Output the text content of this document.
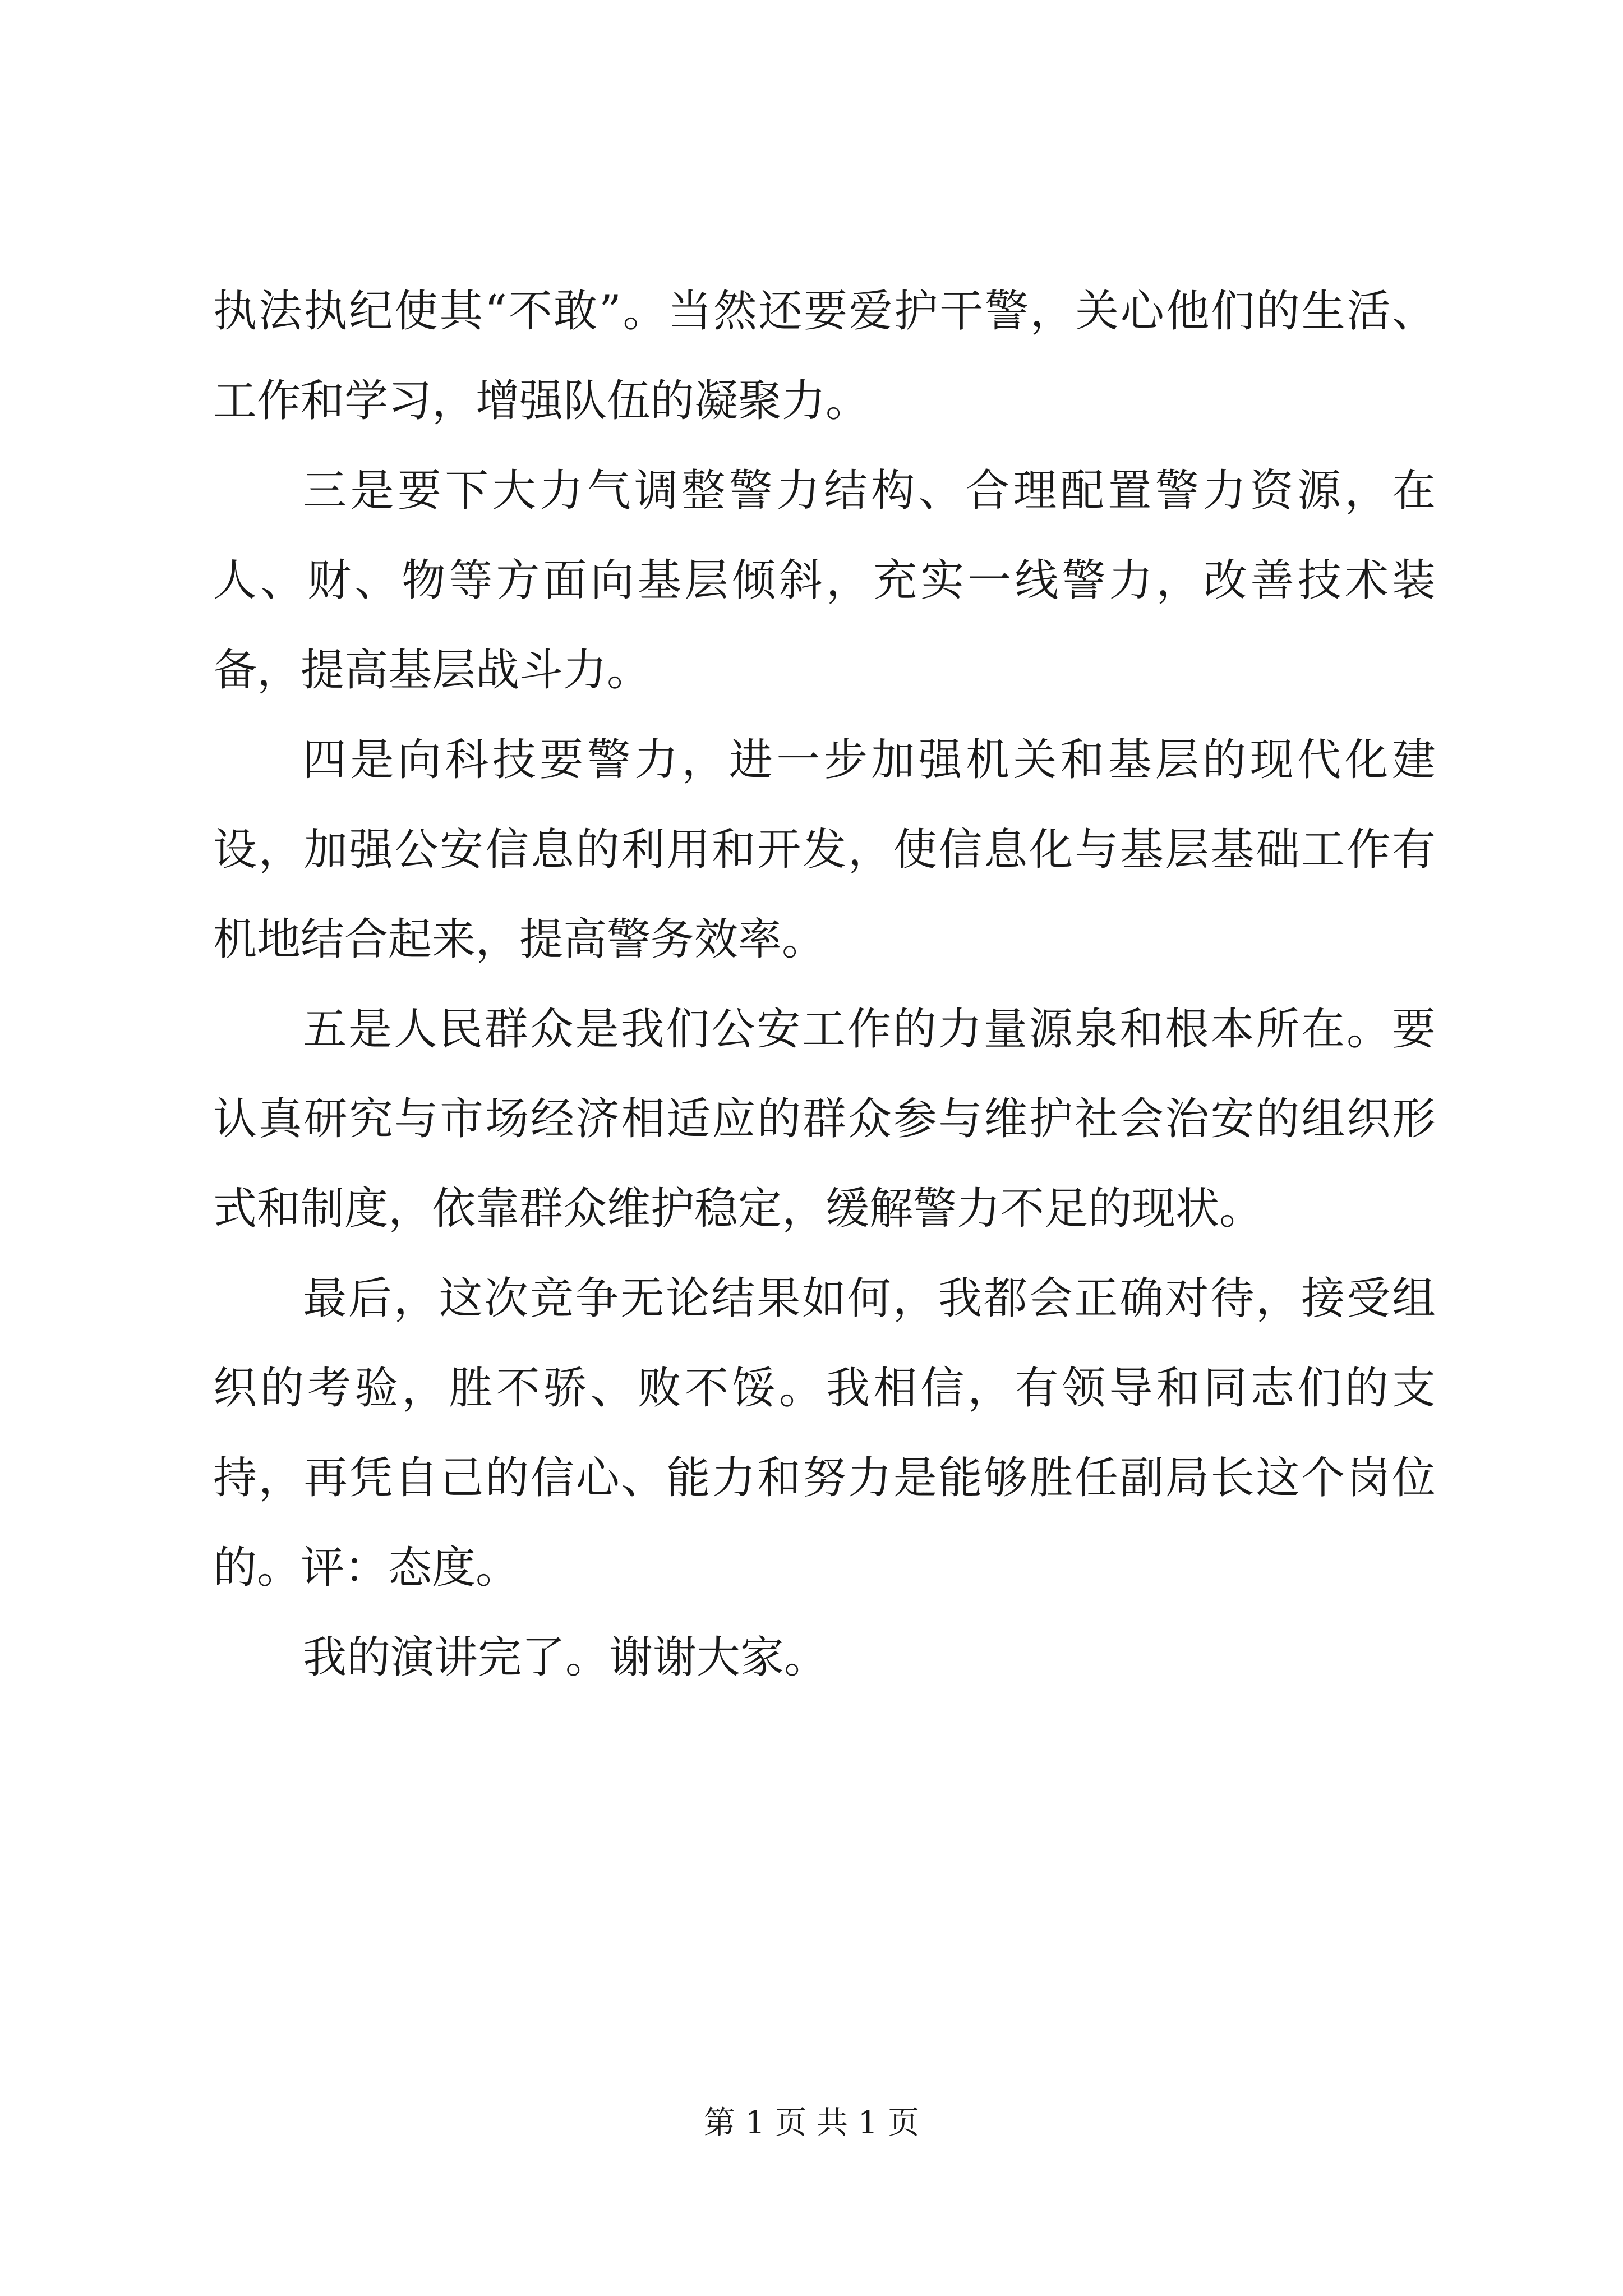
执法执纪使其“不敢”。当然还要爱护干警，关心他们的生活、工作和学习，增强队伍的凝聚力。

三是要下大力气调整警力结构、合理配置警力资源，在人、财、物等方面向基层倾斜，充实一线警力，改善技术装备，提高基层战斗力。

四是向科技要警力，进一步加强机关和基层的现代化建设，加强公安信息的利用和开发，使信息化与基层基础工作有机地结合起来，提高警务效率。

五是人民群众是我们公安工作的力量源泉和根本所在。要认真研究与市场经济相适应的群众参与维护社会治安的组织形式和制度，依靠群众维护稳定，缓解警力不足的现状。

最后，这次竞争无论结果如何，我都会正确对待，接受组织的考验，胜不骄、败不馁。我相信，有领导和同志们的支持，再凭自己的信心、能力和努力是能够胜任副局长这个岗位的。评：态度。

我的演讲完了。谢谢大家。

第 1 页 共 1 页
